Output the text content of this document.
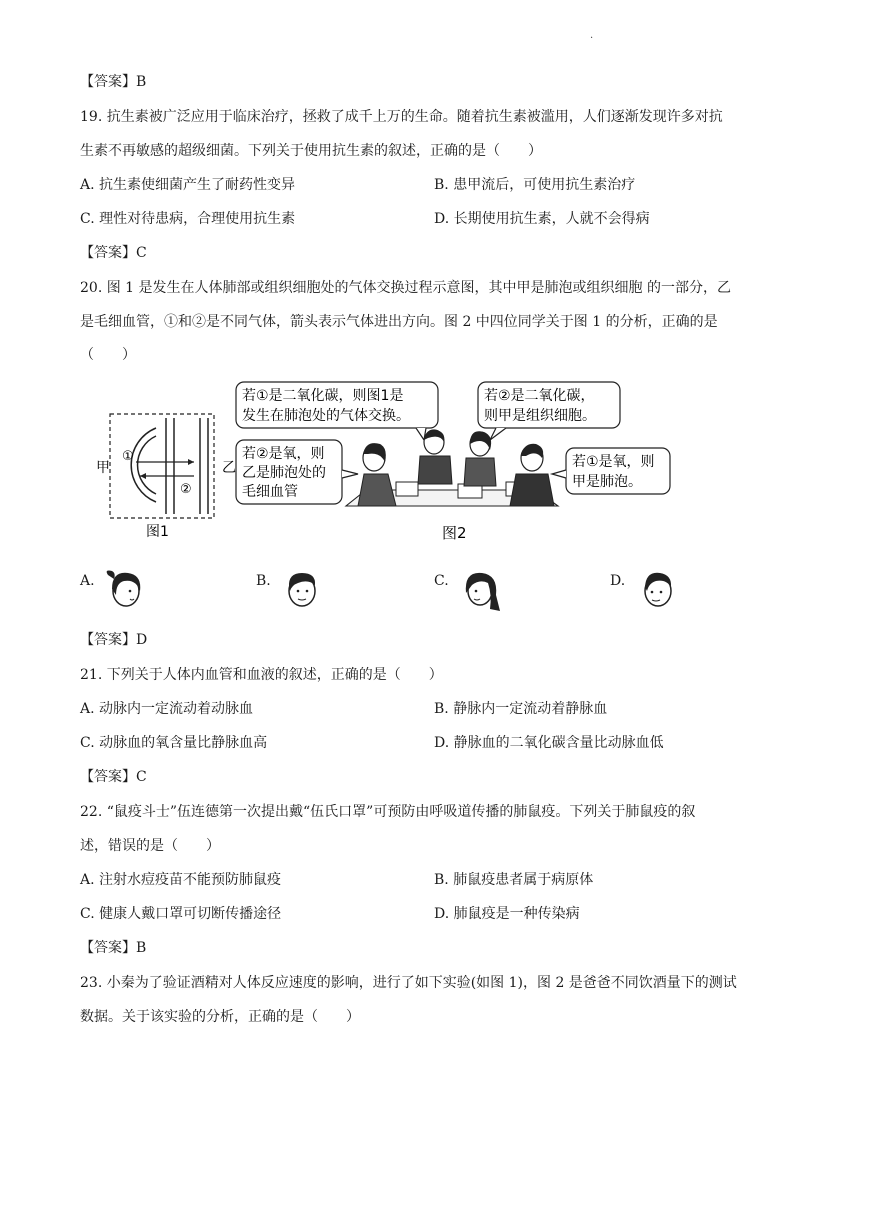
.
【答案】B
19. 抗生素被广泛应用于临床治疗，拯救了成千上万的生命。随着抗生素被滥用，人们逐渐发现许多对抗
生素不再敏感的超级细菌。下列关于使用抗生素的叙述，正确的是（　　）
A. 抗生素使细菌产生了耐药性变异	B. 患甲流后，可使用抗生素治疗
C. 理性对待患病，合理使用抗生素	D. 长期使用抗生素，人就不会得病
【答案】C
20. 图 1 是发生在人体肺部或组织细胞处的气体交换过程示意图，其中甲是肺泡或组织细胞 的一部分，乙
是毛细血管，①和②是不同气体，箭头表示气体进出方向。图 2 中四位同学关于图 1 的分析，正确的是
（　　）
甲
①
②
乙
图1
若①是二氧化碳，则图1是
发生在肺泡处的气体交换。
若②是二氧化碳，
则甲是组织细胞。
若②是氧，则
乙是肺泡处的
毛细血管
若①是氧，则
甲是肺泡。
图2
A.	B.	C.	D.
【答案】D
21. 下列关于人体内血管和血液的叙述，正确的是（　　）
A. 动脉内一定流动着动脉血	B. 静脉内一定流动着静脉血
C. 动脉血的氧含量比静脉血高	D. 静脉血的二氧化碳含量比动脉血低
【答案】C
22. “鼠疫斗士”伍连德第一次提出戴“伍氏口罩”可预防由呼吸道传播的肺鼠疫。下列关于肺鼠疫的叙
述，错误的是（　　）
A. 注射水痘疫苗不能预防肺鼠疫	B. 肺鼠疫患者属于病原体
C. 健康人戴口罩可切断传播途径	D. 肺鼠疫是一种传染病
【答案】B
23. 小秦为了验证酒精对人体反应速度的影响，进行了如下实验(如图 1)，图 2 是爸爸不同饮酒量下的测试
数据。关于该实验的分析，正确的是（　　）
